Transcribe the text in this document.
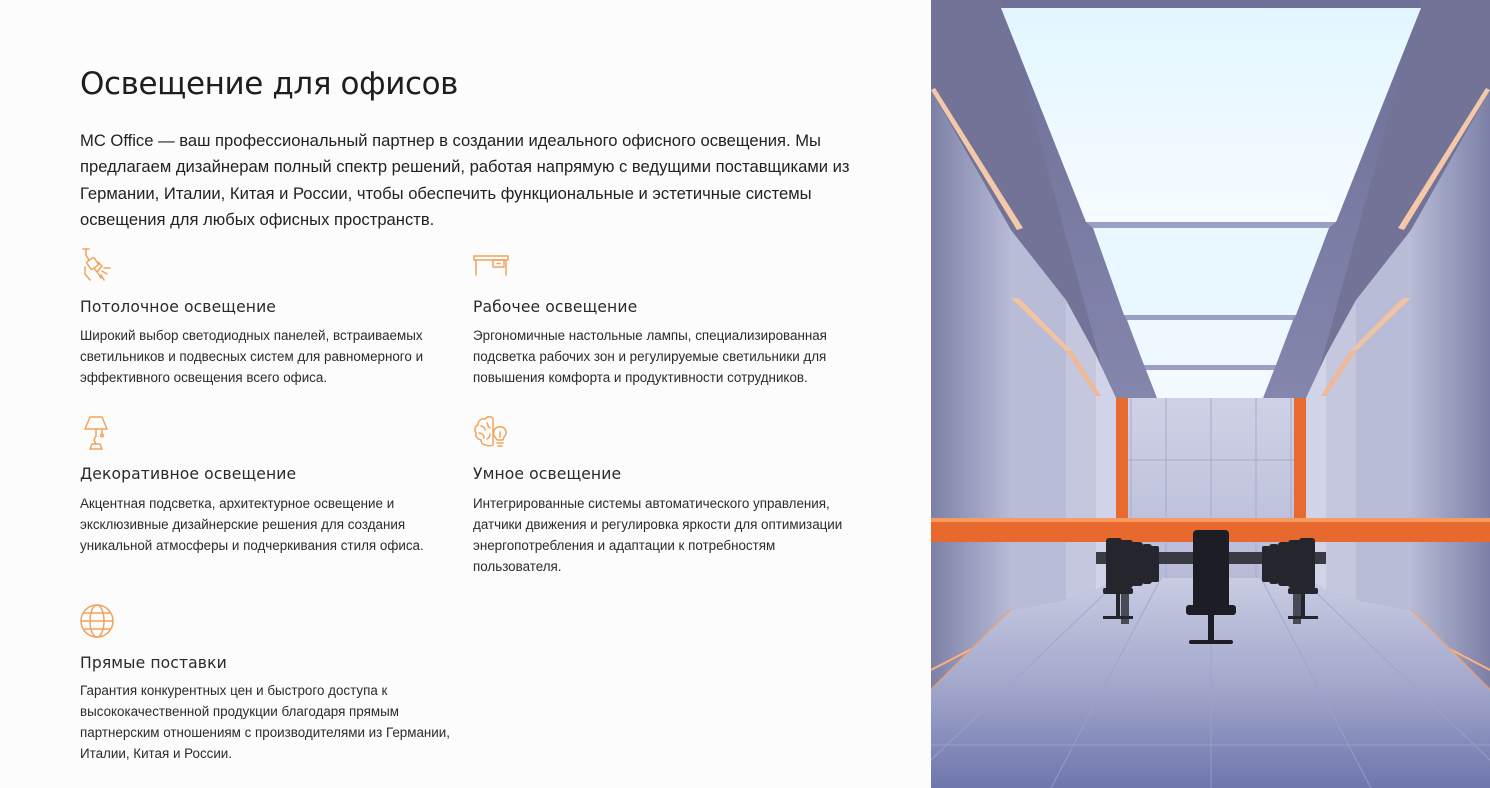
Освещение для офисов

MC Office — ваш профессиональный партнер в создании идеального офисного освещения. Мы предлагаем дизайнерам полный спектр решений, работая напрямую с ведущими поставщиками из Германии, Италии, Китая и России, чтобы обеспечить функциональные и эстетичные системы освещения для любых офисных пространств.

Потолочное освещение

Широкий выбор светодиодных панелей, встраиваемых светильников и подвесных систем для равномерного и эффективного освещения всего офиса.

Рабочее освещение

Эргономичные настольные лампы, специализированная подсветка рабочих зон и регулируемые светильники для повышения комфорта и продуктивности сотрудников.

Декоративное освещение

Акцентная подсветка, архитектурное освещение и эксклюзивные дизайнерские решения для создания уникальной атмосферы и подчеркивания стиля офиса.

Умное освещение

Интегрированные системы автоматического управления, датчики движения и регулировка яркости для оптимизации энергопотребления и адаптации к потребностям пользователя.

Прямые поставки

Гарантия конкурентных цен и быстрого доступа к высококачественной продукции благодаря прямым партнерским отношениям с производителями из Германии, Италии, Китая и России.
